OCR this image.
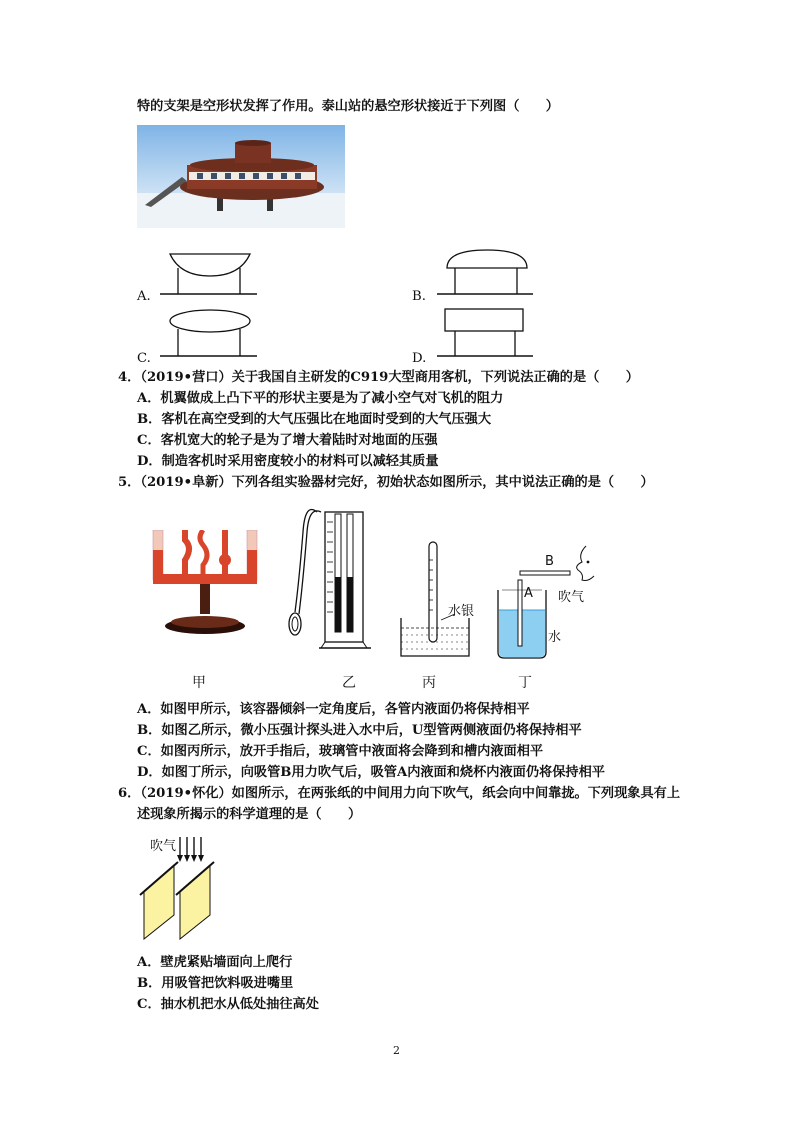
特的支架是空形状发挥了作用。泰山站的悬空形状接近于下列图（　　）
A.	B.
C.	D.
4．（2019•营口）关于我国自主研发的C919大型商用客机，下列说法正确的是（　　）
A．机翼做成上凸下平的形状主要是为了减小空气对飞机的阻力
B．客机在高空受到的大气压强比在地面时受到的大气压强大
C．客机宽大的轮子是为了增大着陆时对地面的压强
D．制造客机时采用密度较小的材料可以减轻其质量
5．（2019•阜新）下列各组实验器材完好，初始状态如图所示，其中说法正确的是（　　）
甲	乙
水银
丙
B
A 吹气
水
丁
A．如图甲所示，该容器倾斜一定角度后，各管内液面仍将保持相平
B．如图乙所示，微小压强计探头进入水中后，U型管两侧液面仍将保持相平
C．如图丙所示，放开手指后，玻璃管中液面将会降到和槽内液面相平
D．如图丁所示，向吸管B用力吹气后，吸管A内液面和烧杯内液面仍将保持相平
6．（2019•怀化）如图所示，在两张纸的中间用力向下吹气，纸会向中间靠拢。下列现象具有上
述现象所揭示的科学道理的是（　　）
吹气
A．壁虎紧贴墙面向上爬行
B．用吸管把饮料吸进嘴里
C．抽水机把水从低处抽往高处
2
